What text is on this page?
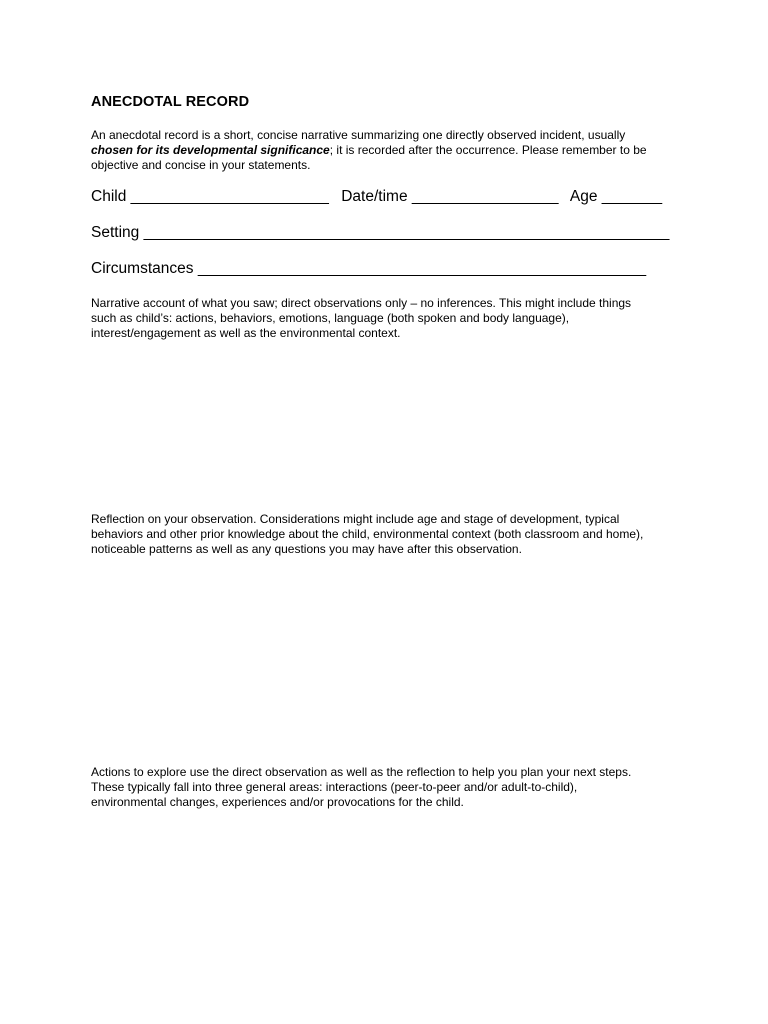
ANECDOTAL RECORD
An anecdotal record is a short, concise narrative summarizing one directly observed incident, usually
chosen for its developmental significance; it is recorded after the occurrence. Please remember to be
objective and concise in your statements.
Child _______________________ Date/time _________________ Age _______
Setting _____________________________________________________________
Circumstances ____________________________________________________
Narrative account of what you saw; direct observations only – no inferences. This might include things
such as child’s: actions, behaviors, emotions, language (both spoken and body language),
interest/engagement as well as the environmental context.
Reflection on your observation. Considerations might include age and stage of development, typical
behaviors and other prior knowledge about the child, environmental context (both classroom and home),
noticeable patterns as well as any questions you may have after this observation.
Actions to explore use the direct observation as well as the reflection to help you plan your next steps.
These typically fall into three general areas: interactions (peer-to-peer and/or adult-to-child),
environmental changes, experiences and/or provocations for the child.
